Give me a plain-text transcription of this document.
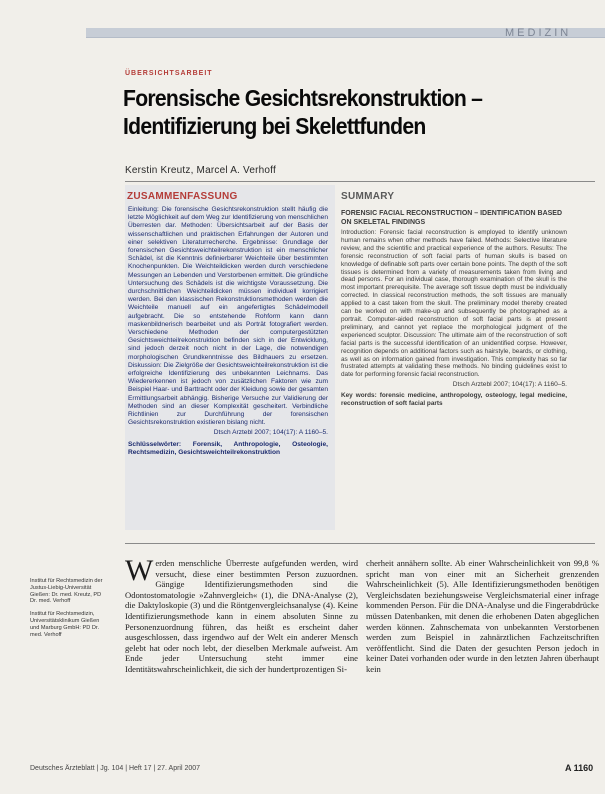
MEDIZIN
ÜBERSICHTSARBEIT
Forensische Gesichtsrekonstruktion –
Identifizierung bei Skelettfunden
Kerstin Kreutz, Marcel A. Verhoff
ZUSAMMENFASSUNG
Einleitung: Die forensische Gesichtsrekonstruktion stellt häufig die letzte Möglichkeit auf dem Weg zur Identifizierung von menschlichen Überresten dar. Methoden: Übersichtsarbeit auf der Basis der wissenschaftlichen und praktischen Erfahrungen der Autoren und einer selektiven Literaturrecherche. Ergebnisse: Grundlage der forensischen Gesichtsweichteilrekonstruktion ist ein menschlicher Schädel, ist die Kenntnis definierbarer Weichteile über bestimmten Knochenpunkten. Die Weichteildicken werden durch verschiedene Messungen an Lebenden und Verstorbenen ermittelt. Die gründliche Untersuchung des Schädels ist die wichtigste Voraussetzung. Die durchschnittlichen Weichteildicken müssen individuell korrigiert werden. Bei den klassischen Rekonstruktionsmethoden werden die Weichteile manuell auf ein angefertigtes Schädelmodell aufgebracht. Die so entstehende Rohform kann dann maskenbildnerisch bearbeitet und als Porträt fotografiert werden. Verschiedene Methoden der computergestützten Gesichtsweichteilrekonstruktion befinden sich in der Entwicklung, sind jedoch derzeit noch nicht in der Lage, die notwendigen morphologischen Grundkenntnisse des Bildhauers zu ersetzen. Diskussion: Die Zielgröße der Gesichtsweichteilrekonstruktion ist die erfolgreiche Identifizierung des unbekannten Leichnams. Das Wiedererkennen ist jedoch von zusätzlichen Faktoren wie zum Beispiel Haar- und Barttracht oder der Kleidung sowie der gesamten Ermittlungsarbeit abhängig. Bisherige Versuche zur Validierung der Methoden sind an dieser Komplexität gescheitert. Verbindliche Richtlinien zur Durchführung der forensischen Gesichtsrekonstruktion existieren bislang nicht.
Dtsch Arztebl 2007; 104(17): A 1160–5.
Schlüsselwörter: Forensik, Anthropologie, Osteologie, Rechtsmedizin, Gesichtsweichteilrekonstruktion
SUMMARY
FORENSIC FACIAL RECONSTRUCTION – IDENTIFICATION BASED ON SKELETAL FINDINGS
Introduction: Forensic facial reconstruction is employed to identify unknown human remains when other methods have failed. Methods: Selective literature review, and the scientific and practical experience of the authors. Results: The forensic reconstruction of soft facial parts of human skulls is based on knowledge of definable soft parts over certain bone points. The depth of the soft tissues is determined from a variety of measurements taken from living and dead persons. For an individual case, thorough examination of the skull is the most important prerequisite. The average soft tissue depth must be individually corrected. In classical reconstruction methods, the soft tissues are manually applied to a cast taken from the skull. The preliminary model thereby created can be worked on with make-up and subsequently be photographed as a portrait. Computer-aided reconstruction of soft facial parts is at present preliminary, and cannot yet replace the morphological judgment of the experienced sculptor. Discussion: The ultimate aim of the reconstruction of soft facial parts is the successful identification of an unidentified corpse. However, recognition depends on additional factors such as hairstyle, beards, or clothing, as well as on information gained from investigation. This complexity has so far frustrated attempts at validating these methods. No binding guidelines exist to date for performing forensic facial reconstruction.
Dtsch Arztebl 2007; 104(17): A 1160–5.
Key words: forensic medicine, anthropology, osteology, legal medicine, reconstruction of soft facial parts
Institut für Rechtsmedizin der Justus-Liebig-Universität Gießen: Dr. med. Kreutz, PD Dr. med. Verhoff
Institut für Rechtsmedizin, Universitätsklinikum Gießen und Marburg GmbH: PD Dr. med. Verhoff
Werden menschliche Überreste aufgefunden werden, wird versucht, diese einer bestimmten Person zuzuordnen. Gängige Identifizierungsmethoden sind die Odontostomatologie »Zahnvergleich« (1), die DNA-Analyse (2), die Daktyloskopie (3) und die Röntgenvergleichsanalyse (4). Keine Identifizierungsmethode kann in einem absoluten Sinne zu Personenzuordnung führen, das heißt es erscheint daher ausgeschlossen, dass irgendwo auf der Welt ein anderer Mensch gelebt hat oder noch lebt, der dieselben Merkmale aufweist. Am Ende jeder Untersuchung steht immer eine Identitätswahrscheinlichkeit, die sich der hundertprozentigen Si-
cherheit annähern sollte. Ab einer Wahrscheinlichkeit von 99,8 % spricht man von einer mit an Sicherheit grenzenden Wahrscheinlichkeit (5). Alle Identifizierungsmethoden benötigen Vergleichsdaten beziehungsweise Vergleichsmaterial einer infrage kommenden Person. Für die DNA-Analyse und die Fingerabdrücke müssen Datenbanken, mit denen die erhobenen Daten abgeglichen werden können. Zahnschemata von unbekannten Verstorbenen werden zum Beispiel in zahnärztlichen Fachzeitschriften veröffentlicht. Sind die Daten der gesuchten Person jedoch in keiner Datei vorhanden oder wurde in den letzten Jahren überhaupt kein
Deutsches Ärzteblatt | Jg. 104 | Heft 17 | 27. April 2007	A 1160
